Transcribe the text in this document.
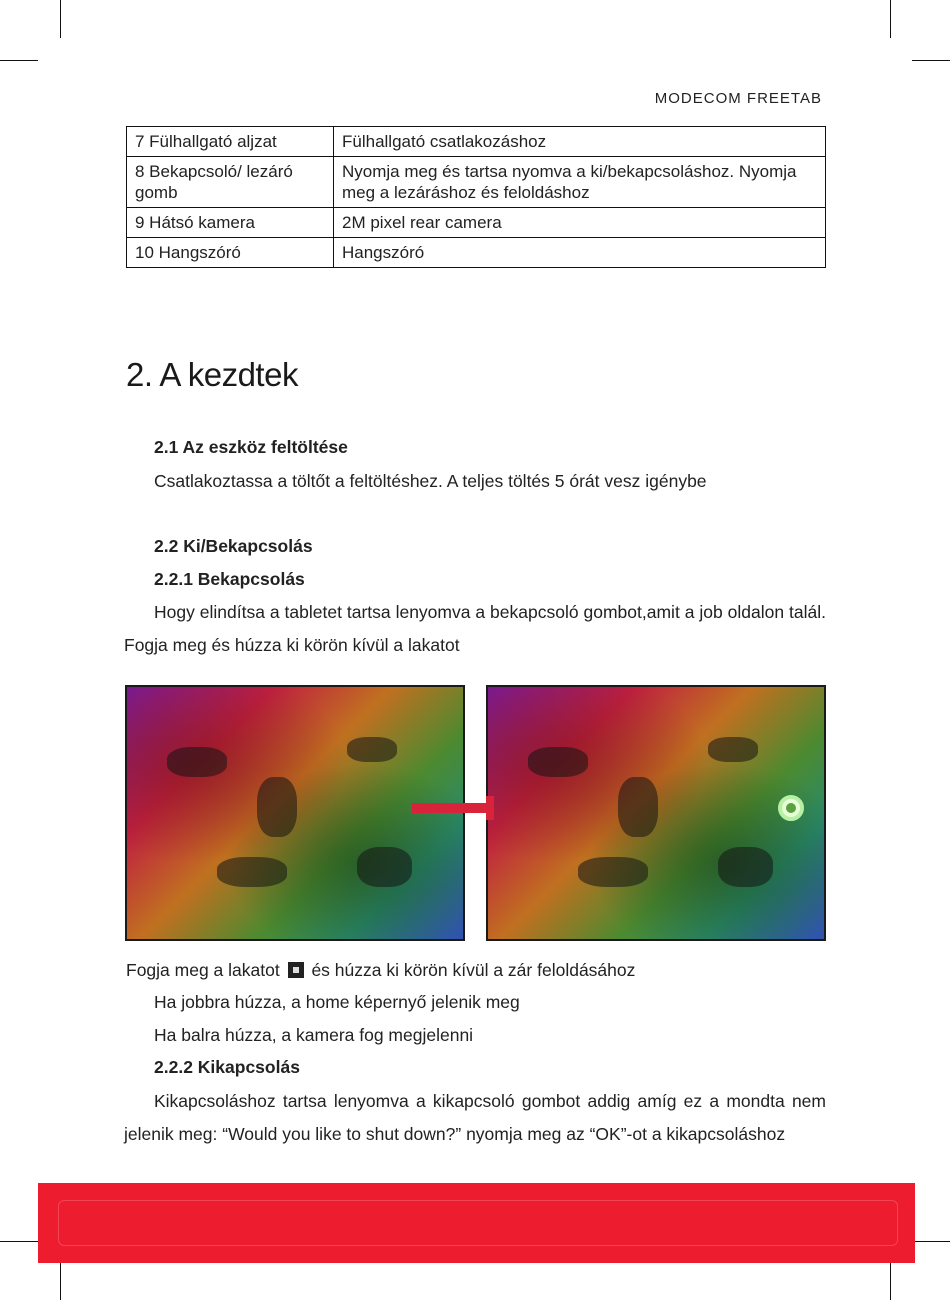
MODECOM FREETAB
7 Fülhallgató aljzat	Fülhallgató csatlakozáshoz
8 Bekapcsoló/ lezáró gomb	Nyomja meg és tartsa nyomva a ki/bekapcsoláshoz. Nyomja meg a lezáráshoz és feloldáshoz
9 Hátsó kamera	2M pixel rear camera
10 Hangszóró	Hangszóró
2. A kezdtek
2.1 Az eszköz feltöltése
Csatlakoztassa a töltőt a feltöltéshez. A teljes töltés 5 órát vesz igénybe
2.2 Ki/Bekapcsolás
2.2.1 Bekapcsolás
Hogy elindítsa a tabletet tartsa lenyomva a bekapcsoló gombot,amit a job oldalon talál. Fogja meg és húzza ki körön kívül a lakatot
Fogja meg a lakatot és húzza ki körön kívül a zár feloldásához
Ha jobbra húzza, a home képernyő jelenik meg
Ha balra húzza, a kamera fog megjelenni
2.2.2 Kikapcsolás
Kikapcsoláshoz tartsa lenyomva a kikapcsoló gombot addig amíg ez a mondta nem jelenik meg: “Would you like to shut down?” nyomja meg az “OK”-ot a kikapcsoláshoz
